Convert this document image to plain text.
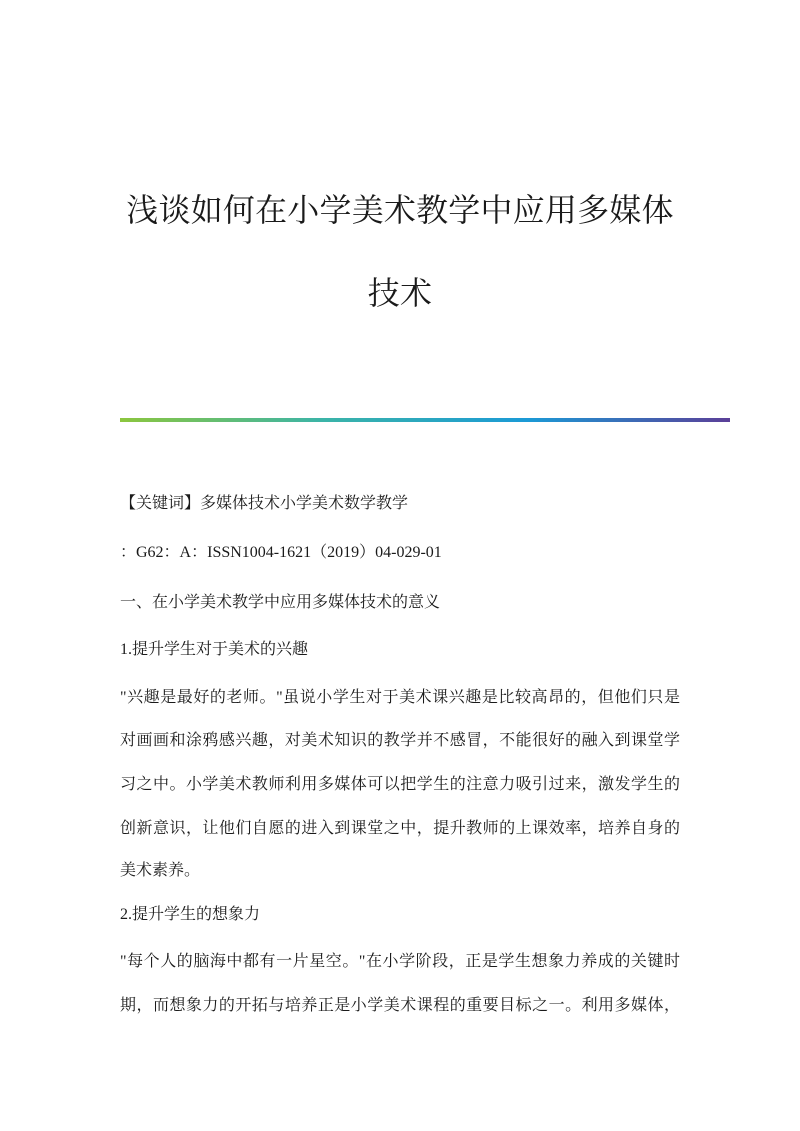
浅谈如何在小学美术教学中应用多媒体
技术
【关键词】多媒体技术小学美术数学教学
：G62：A：ISSN1004-1621（2019）04-029-01
一、在小学美术教学中应用多媒体技术的意义
1.提升学生对于美术的兴趣
"兴趣是最好的老师。"虽说小学生对于美术课兴趣是比较高昂的，但他们只是
对画画和涂鸦感兴趣，对美术知识的教学并不感冒，不能很好的融入到课堂学
习之中。小学美术教师利用多媒体可以把学生的注意力吸引过来，激发学生的
创新意识，让他们自愿的进入到课堂之中，提升教师的上课效率，培养自身的
美术素养。
2.提升学生的想象力
"每个人的脑海中都有一片星空。"在小学阶段，正是学生想象力养成的关键时
期，而想象力的开拓与培养正是小学美术课程的重要目标之一。利用多媒体，
